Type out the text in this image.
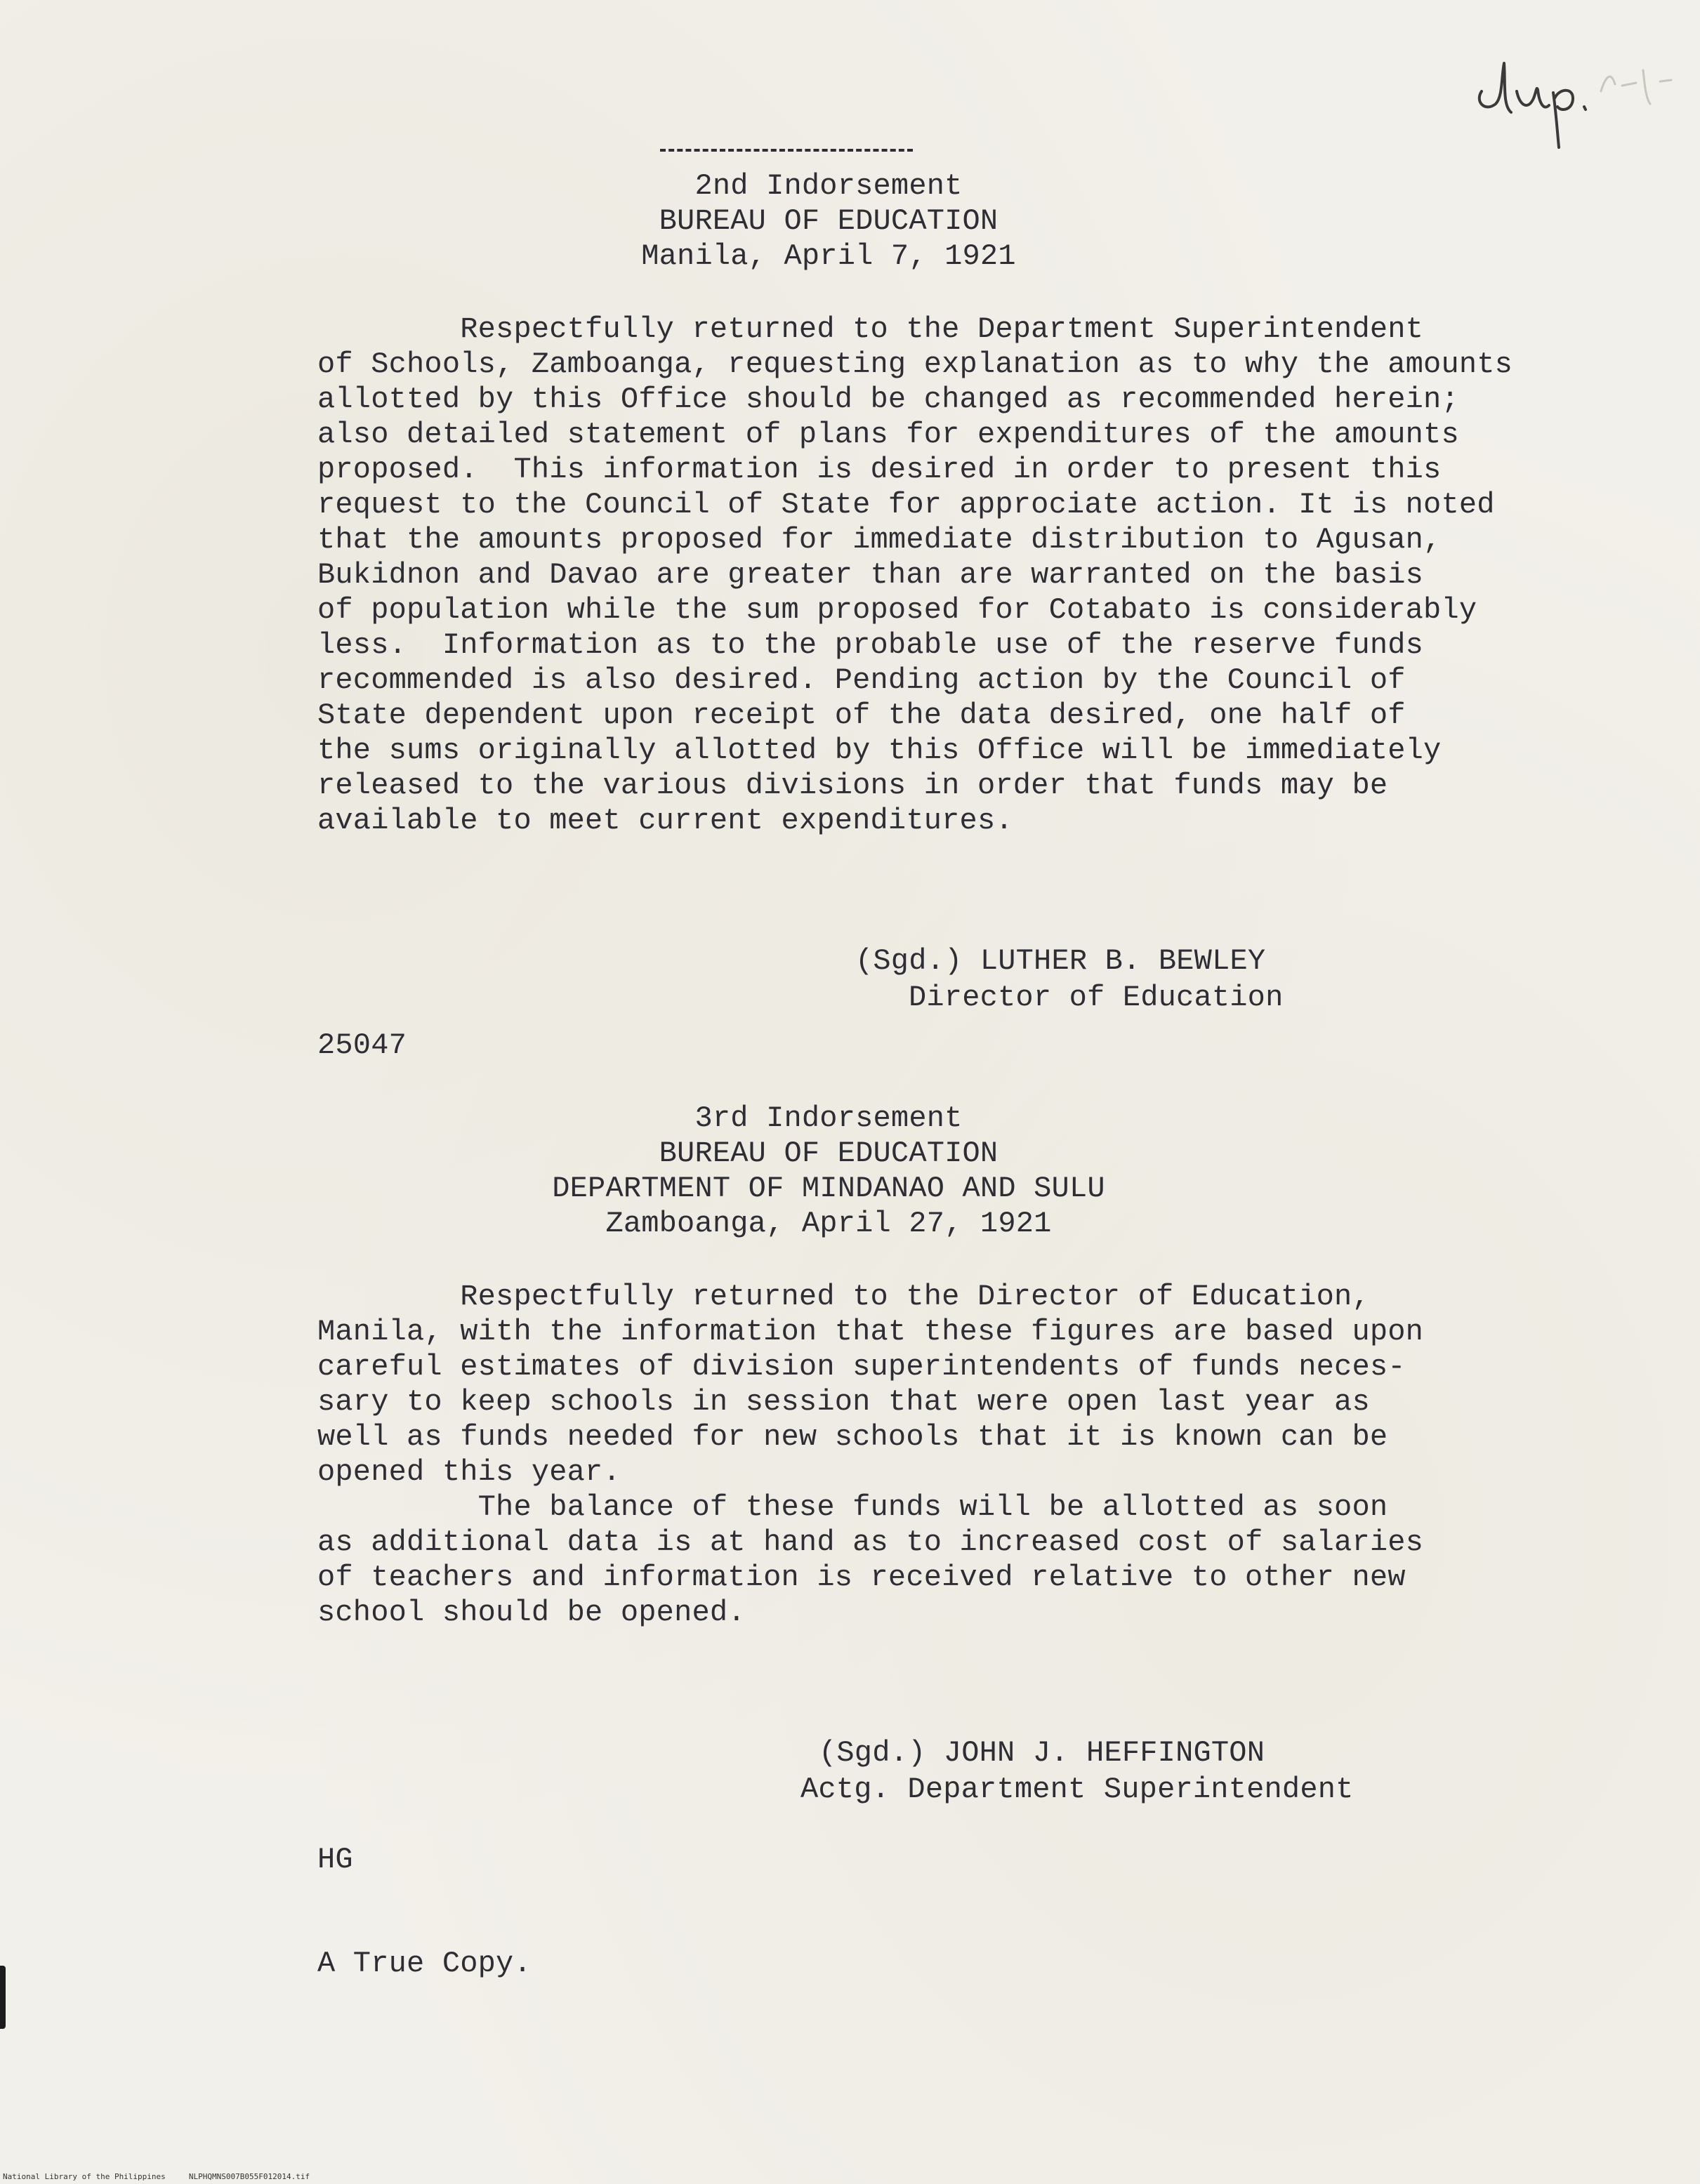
2nd Indorsement
BUREAU OF EDUCATION
Manila, April 7, 1921
Respectfully returned to the Department Superintendent
of Schools, Zamboanga, requesting explanation as to why the amounts
allotted by this Office should be changed as recommended herein;
also detailed statement of plans for expenditures of the amounts
proposed.  This information is desired in order to present this
request to the Council of State for approciate action. It is noted
that the amounts proposed for immediate distribution to Agusan,
Bukidnon and Davao are greater than are warranted on the basis
of population while the sum proposed for Cotabato is considerably
less.  Information as to the probable use of the reserve funds
recommended is also desired. Pending action by the Council of
State dependent upon receipt of the data desired, one half of
the sums originally allotted by this Office will be immediately
released to the various divisions in order that funds may be
available to meet current expenditures.
(Sgd.) LUTHER B. BEWLEY
Director of Education
25047
3rd Indorsement
BUREAU OF EDUCATION
DEPARTMENT OF MINDANAO AND SULU
Zamboanga, April 27, 1921
Respectfully returned to the Director of Education,
Manila, with the information that these figures are based upon
careful estimates of division superintendents of funds neces-
sary to keep schools in session that were open last year as
well as funds needed for new schools that it is known can be
opened this year.
The balance of these funds will be allotted as soon
as additional data is at hand as to increased cost of salaries
of teachers and information is received relative to other new
school should be opened.
(Sgd.) JOHN J. HEFFINGTON
Actg. Department Superintendent
HG
A True Copy.
National Library of the Philippines	NLPHQMNS007B055F012014.tif
